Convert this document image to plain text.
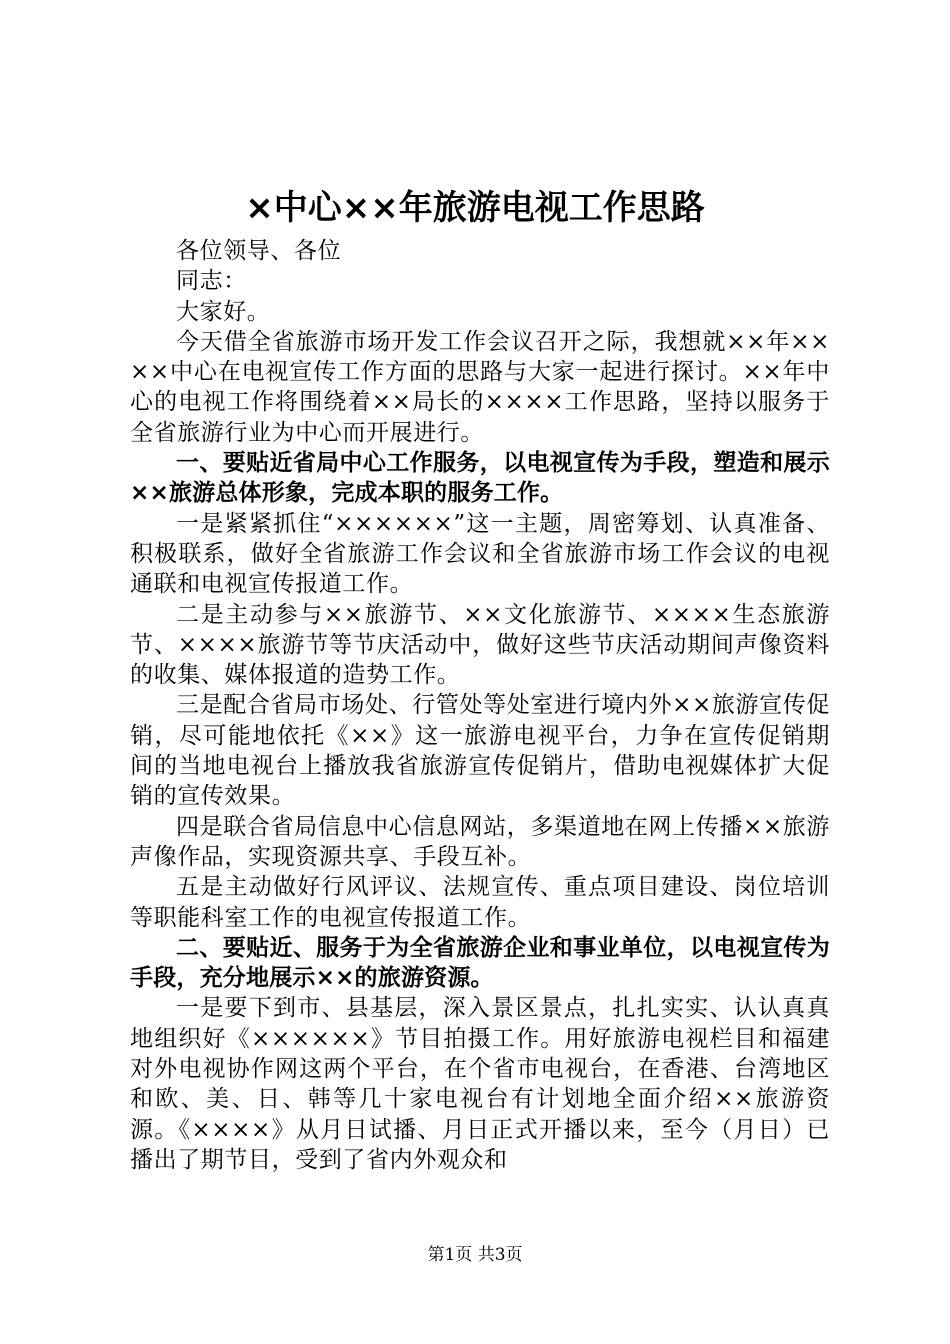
×中心××年旅游电视工作思路

各位领导、各位

同志：

大家好。

今天借全省旅游市场开发工作会议召开之际，我想就××年××××中心在电视宣传工作方面的思路与大家一起进行探讨。××年中心的电视工作将围绕着××局长的××××工作思路，坚持以服务于全省旅游行业为中心而开展进行。

一、要贴近省局中心工作服务，以电视宣传为手段，塑造和展示××旅游总体形象，完成本职的服务工作。

一是紧紧抓住“××××××”这一主题，周密筹划、认真准备、积极联系，做好全省旅游工作会议和全省旅游市场工作会议的电视通联和电视宣传报道工作。

二是主动参与××旅游节、××文化旅游节、××××生态旅游节、××××旅游节等节庆活动中，做好这些节庆活动期间声像资料的收集、媒体报道的造势工作。

三是配合省局市场处、行管处等处室进行境内外××旅游宣传促销，尽可能地依托《××》这一旅游电视平台，力争在宣传促销期间的当地电视台上播放我省旅游宣传促销片，借助电视媒体扩大促销的宣传效果。

四是联合省局信息中心信息网站，多渠道地在网上传播××旅游声像作品，实现资源共享、手段互补。

五是主动做好行风评议、法规宣传、重点项目建设、岗位培训等职能科室工作的电视宣传报道工作。

二、要贴近、服务于为全省旅游企业和事业单位，以电视宣传为手段，充分地展示××的旅游资源。

一是要下到市、县基层，深入景区景点，扎扎实实、认认真真地组织好《××××××》节目拍摄工作。用好旅游电视栏目和福建对外电视协作网这两个平台，在个省市电视台，在香港、台湾地区和欧、美、日、韩等几十家电视台有计划地全面介绍××旅游资源。《××××》从月日试播、月日正式开播以来，至今（月日）已播出了期节目，受到了省内外观众和

第1页 共3页
